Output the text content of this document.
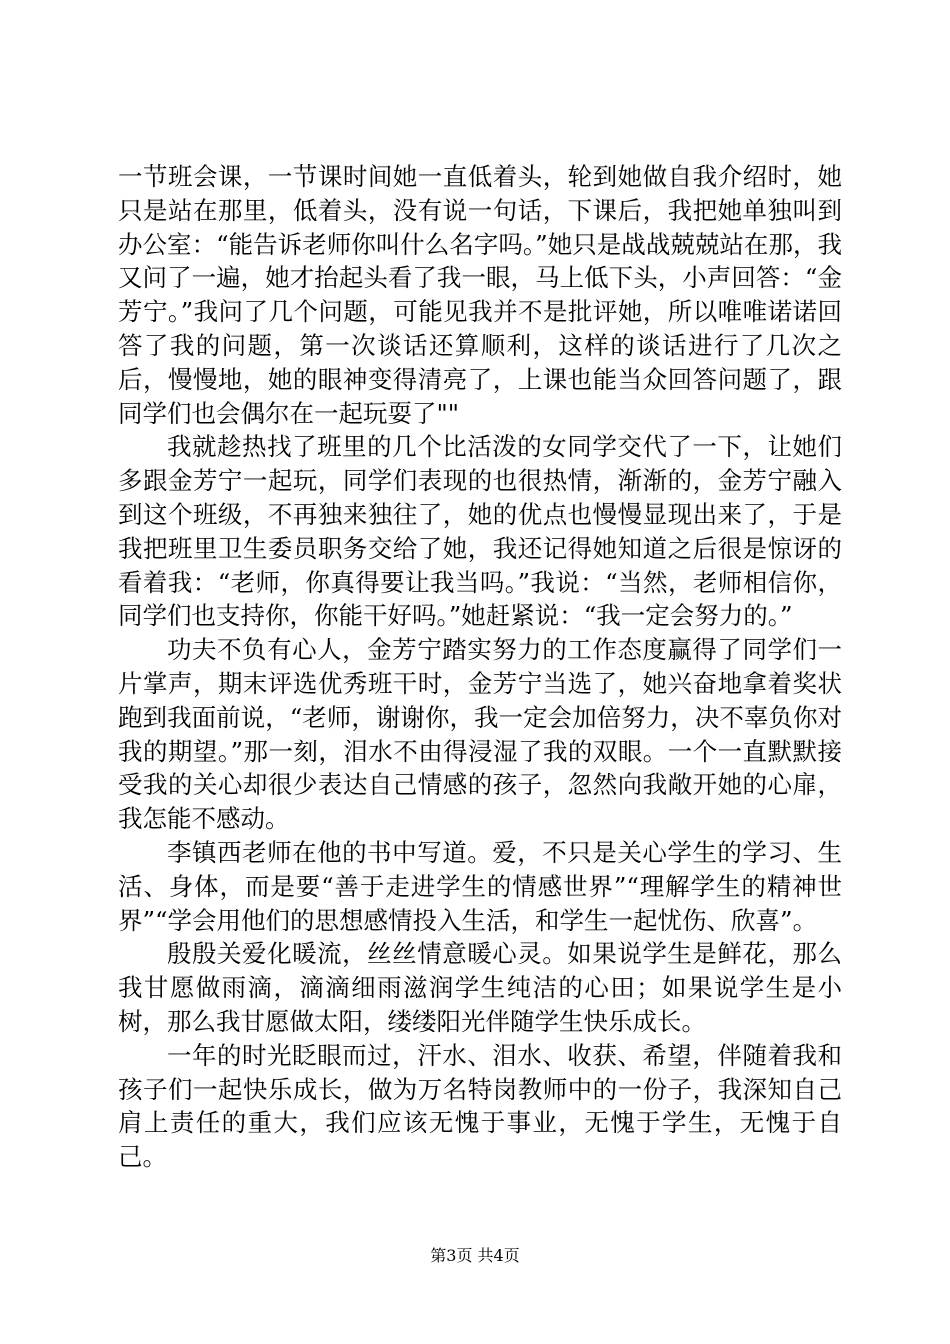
一节班会课，一节课时间她一直低着头，轮到她做自我介绍时，她只是站在那里，低着头，没有说一句话，下课后，我把她单独叫到办公室：“能告诉老师你叫什么名字吗。”她只是战战兢兢站在那，我又问了一遍，她才抬起头看了我一眼，马上低下头，小声回答：“金芳宁。”我问了几个问题，可能见我并不是批评她，所以唯唯诺诺回答了我的问题，第一次谈话还算顺利，这样的谈话进行了几次之后，慢慢地，她的眼神变得清亮了，上课也能当众回答问题了，跟同学们也会偶尔在一起玩耍了""

我就趁热找了班里的几个比活泼的女同学交代了一下，让她们多跟金芳宁一起玩，同学们表现的也很热情，渐渐的，金芳宁融入到这个班级，不再独来独往了，她的优点也慢慢显现出来了，于是我把班里卫生委员职务交给了她，我还记得她知道之后很是惊讶的看着我：“老师，你真得要让我当吗。”我说：“当然，老师相信你，同学们也支持你，你能干好吗。”她赶紧说：“我一定会努力的。”

功夫不负有心人，金芳宁踏实努力的工作态度赢得了同学们一片掌声，期末评选优秀班干时，金芳宁当选了，她兴奋地拿着奖状跑到我面前说，“老师，谢谢你，我一定会加倍努力，决不辜负你对我的期望。”那一刻，泪水不由得浸湿了我的双眼。一个一直默默接受我的关心却很少表达自己情感的孩子，忽然向我敞开她的心扉，我怎能不感动。

李镇西老师在他的书中写道。爱，不只是关心学生的学习、生活、身体，而是要“善于走进学生的情感世界”“理解学生的精神世界”“学会用他们的思想感情投入生活，和学生一起忧伤、欣喜”。

殷殷关爱化暖流，丝丝情意暖心灵。如果说学生是鲜花，那么我甘愿做雨滴，滴滴细雨滋润学生纯洁的心田；如果说学生是小树，那么我甘愿做太阳，缕缕阳光伴随学生快乐成长。

一年的时光眨眼而过，汗水、泪水、收获、希望，伴随着我和孩子们一起快乐成长，做为万名特岗教师中的一份子，我深知自己肩上责任的重大，我们应该无愧于事业，无愧于学生，无愧于自己。

第3页 共4页
